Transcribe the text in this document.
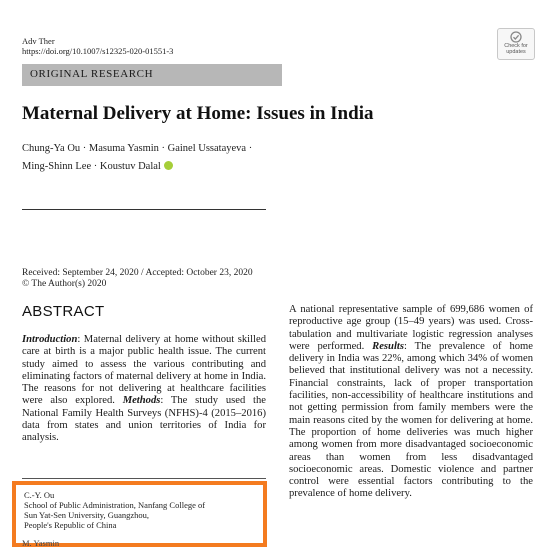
Adv Ther
https://doi.org/10.1007/s12325-020-01551-3	Check for
updates
ORIGINAL RESEARCH
Maternal Delivery at Home: Issues in India
Chung-Ya Ou · Masuma Yasmin · Gainel Ussatayeva ·
Ming-Shinn Lee · Koustuv Dalal
Received: September 24, 2020 / Accepted: October 23, 2020
© The Author(s) 2020
ABSTRACT
Introduction: Maternal delivery at home without skilled care at birth is a major public health issue. The current study aimed to assess the various contributing and eliminating factors of maternal delivery at home in India. The reasons for not delivering at healthcare facilities were also explored. Methods: The study used the National Family Health Surveys (NFHS)-4 (2015–2016) data from states and union territories of India for analysis.
A national representative sample of 699,686 women of reproductive age group (15–49 years) was used. Cross-tabulation and multivariate logistic regression analyses were performed. Results: The prevalence of home delivery in India was 22%, among which 34% of women believed that institutional delivery was not a necessity. Financial constraints, lack of proper transportation facilities, non-accessibility of healthcare institutions and not getting permission from family members were the main reasons cited by the women for delivering at home. The proportion of home deliveries was much higher among women from more disadvantaged socioeconomic areas than women from less disadvantaged socioeconomic areas. Domestic violence and partner control were essential factors contributing to the prevalence of home delivery.
C.-Y. Ou
School of Public Administration, Nanfang College of
Sun Yat-Sen University, Guangzhou,
People's Republic of China
M. Yasmin
